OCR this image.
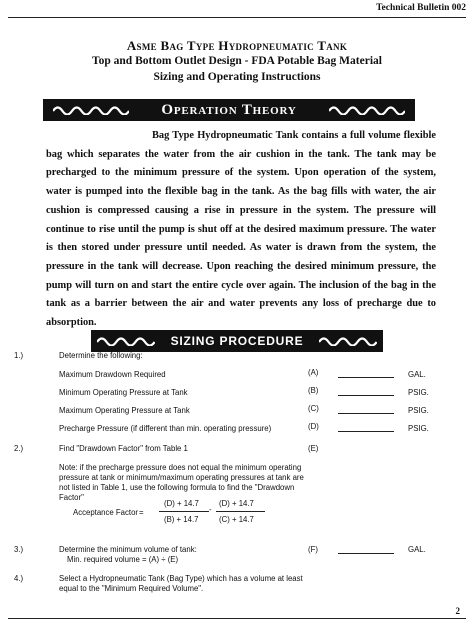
Technical Bulletin 002
Asme Bag Type Hydropneumatic Tank
Top and Bottom Outlet Design - FDA Potable Bag Material
Sizing and Operating Instructions
Operation Theory

Bag Type Hydropneumatic Tank contains a full volume flexible bag which separates the water from the air cushion in the tank. The tank may be precharged to the minimum pressure of the system. Upon operation of the system, water is pumped into the flexible bag in the tank. As the bag fills with water, the air cushion is compressed causing a rise in pressure in the system. The pressure will continue to rise until the pump is shut off at the desired maximum pressure. The water is then stored under pressure until needed. As water is drawn from the system, the pressure in the tank will decrease. Upon reaching the desired minimum pressure, the pump will turn on and start the entire cycle over again. The inclusion of the bag in the tank as a barrier between the air and water prevents any loss of precharge due to absorption.

SIZING PROCEDURE
1.)	Determine the following:
Maximum Drawdown Required	(A)	GAL.
Minimum Operating Pressure at Tank	(B)	PSIG.
Maximum Operating Pressure at Tank	(C)	PSIG.
Precharge Pressure (if different than min. operating pressure)	(D)	PSIG.
2.)	Find "Drawdown Factor" from Table 1	(E)
Note: if the precharge pressure does not equal the minimum operating
pressure at tank or minimum/maximum operating pressures at tank are
not listed in Table 1, use the following formula to find the "Drawdown
Factor"
Acceptance Factor =
(D) + 14.7
(B) + 14.7
-
(D) + 14.7
(C) + 14.7
3.)	Determine the minimum volume of tank:
Min. required volume = (A) ÷ (E)
(F)	GAL.
4.)	Select a Hydropneumatic Tank (Bag Type) which has a volume at least
equal to the "Minimum Required Volume".
2
